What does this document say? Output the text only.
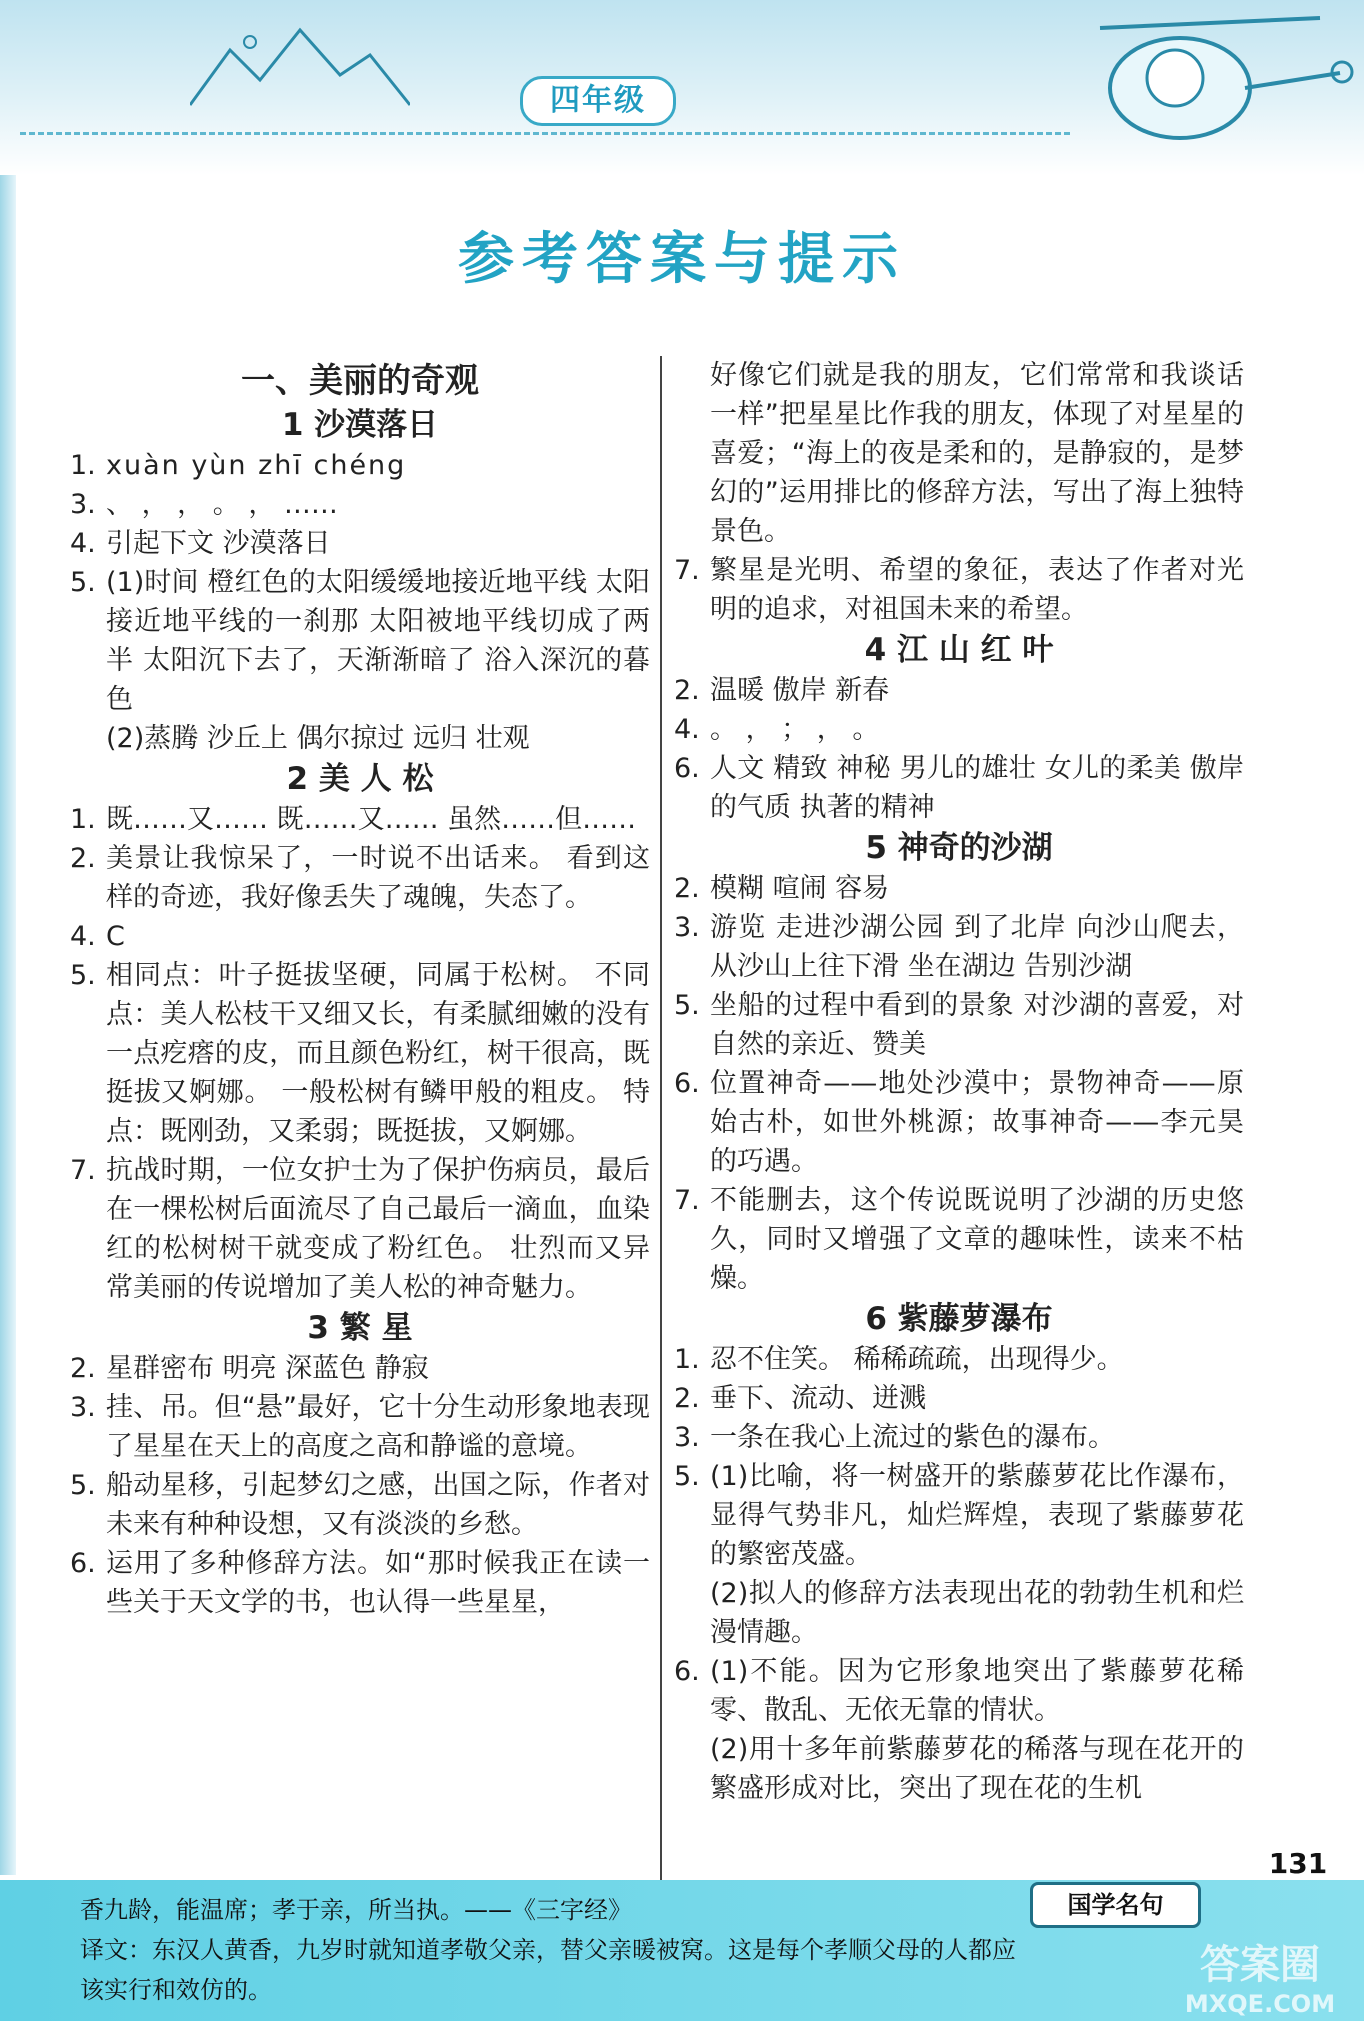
四年级
参考答案与提示
一、美丽的奇观
1 沙漠落日
1. xuàn yùn zhī chéng
3. 、 ， ， 。 ， ……
4. 引起下文 沙漠落日
5. (1)时间 橙红色的太阳缓缓地接近地平线 太阳接近地平线的一刹那 太阳被地平线切成了两半 太阳沉下去了，天渐渐暗了 浴入深沉的暮色
(2)蒸腾 沙丘上 偶尔掠过 远归 壮观
2 美 人 松
1. 既……又…… 既……又…… 虽然……但……
2. 美景让我惊呆了，一时说不出话来。 看到这样的奇迹，我好像丢失了魂魄，失态了。
4. C
5. 相同点：叶子挺拔坚硬，同属于松树。 不同点：美人松枝干又细又长，有柔腻细嫩的没有一点疙瘩的皮，而且颜色粉红，树干很高，既挺拔又婀娜。 一般松树有鳞甲般的粗皮。 特点：既刚劲，又柔弱；既挺拔，又婀娜。
7. 抗战时期，一位女护士为了保护伤病员，最后在一棵松树后面流尽了自己最后一滴血，血染红的松树树干就变成了粉红色。 壮烈而又异常美丽的传说增加了美人松的神奇魅力。
3 繁 星
2. 星群密布 明亮 深蓝色 静寂
3. 挂、吊。但“悬”最好，它十分生动形象地表现了星星在天上的高度之高和静谧的意境。
5. 船动星移，引起梦幻之感，出国之际，作者对未来有种种设想，又有淡淡的乡愁。
6. 运用了多种修辞方法。如“那时候我正在读一些关于天文学的书，也认得一些星星，
好像它们就是我的朋友，它们常常和我谈话一样”把星星比作我的朋友，体现了对星星的喜爱；“海上的夜是柔和的，是静寂的，是梦幻的”运用排比的修辞方法，写出了海上独特景色。
7. 繁星是光明、希望的象征，表达了作者对光明的追求，对祖国未来的希望。
4 江 山 红 叶
2. 温暖 傲岸 新春
4. 。 ， ； ， 。
6. 人文 精致 神秘 男儿的雄壮 女儿的柔美 傲岸的气质 执著的精神
5 神奇的沙湖
2. 模糊 喧闹 容易
3. 游览 走进沙湖公园 到了北岸 向沙山爬去，从沙山上往下滑 坐在湖边 告别沙湖
5. 坐船的过程中看到的景象 对沙湖的喜爱，对自然的亲近、赞美
6. 位置神奇——地处沙漠中；景物神奇——原始古朴，如世外桃源；故事神奇——李元昊的巧遇。
7. 不能删去，这个传说既说明了沙湖的历史悠久，同时又增强了文章的趣味性，读来不枯燥。
6 紫藤萝瀑布
1. 忍不住笑。 稀稀疏疏，出现得少。
2. 垂下、流动、迸溅
3. 一条在我心上流过的紫色的瀑布。
5. (1)比喻，将一树盛开的紫藤萝花比作瀑布，显得气势非凡，灿烂辉煌，表现了紫藤萝花的繁密茂盛。
(2)拟人的修辞方法表现出花的勃勃生机和烂漫情趣。
6. (1)不能。因为它形象地突出了紫藤萝花稀零、散乱、无依无靠的情状。
(2)用十多年前紫藤萝花的稀落与现在花开的繁盛形成对比，突出了现在花的生机
131
香九龄，能温席；孝于亲，所当执。——《三字经》
译文：东汉人黄香，九岁时就知道孝敬父亲，替父亲暖被窝。这是每个孝顺父母的人都应该实行和效仿的。
国学名句
答案圈
MXQE.COM
